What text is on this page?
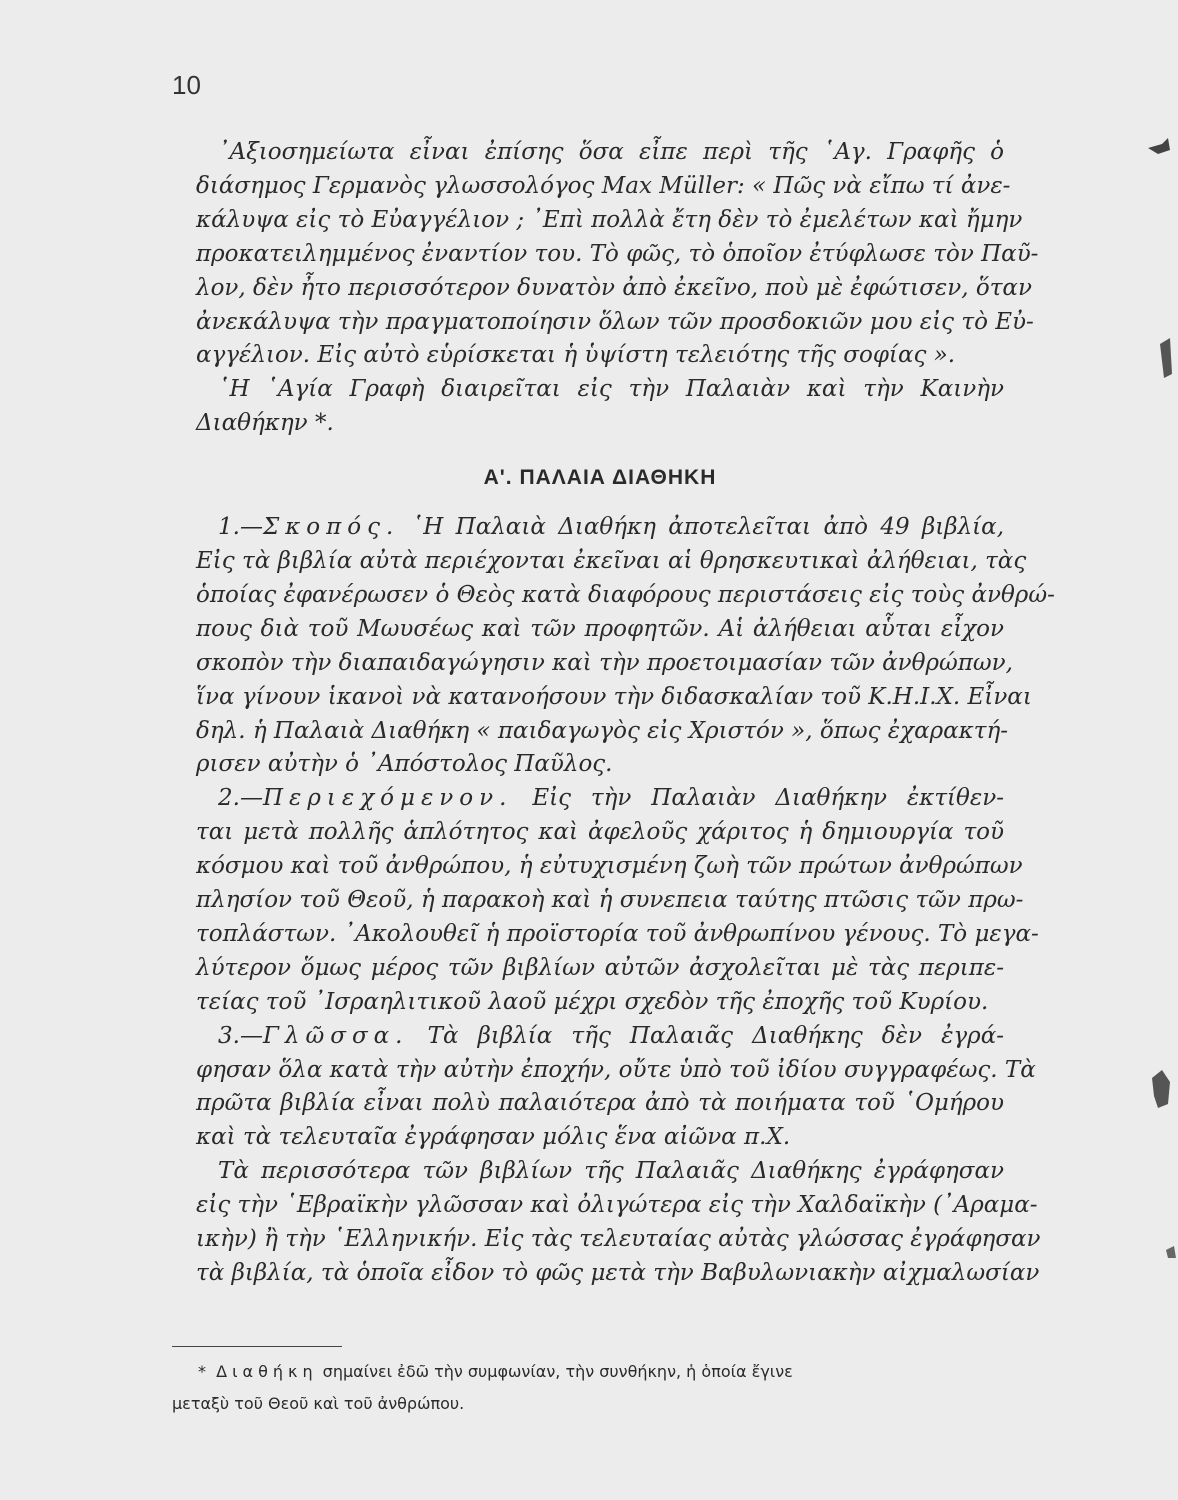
10
᾿Αξιοσημείωτα εἶναι ἐπίσης ὅσα εἶπε περὶ τῆς ῾Αγ. Γραφῆς ὁ
διάσημος Γερμανὸς γλωσσολόγος Max Müller: « Πῶς νὰ εἴπω τί ἀνε-
κάλυψα εἰς τὸ Εὐαγγέλιον ; ᾿Επὶ πολλὰ ἔτη δὲν τὸ ἐμελέτων καὶ ἤμην
προκατειλημμένος ἐναντίον του. Τὸ φῶς, τὸ ὁποῖον ἐτύφλωσε τὸν Παῦ-
λον, δὲν ἦτο περισσότερον δυνατὸν ἀπὸ ἐκεῖνο, ποὺ μὲ ἐφώτισεν, ὅταν
ἀνεκάλυψα τὴν πραγματοποίησιν ὅλων τῶν προσδοκιῶν μου εἰς τὸ Εὐ-
αγγέλιον. Εἰς αὐτὸ εὑρίσκεται ἡ ὑψίστη τελειότης τῆς σοφίας ».
῾Η ῾Αγία Γραφὴ διαιρεῖται εἰς τὴν Παλαιὰν καὶ τὴν Καινὴν
Διαθήκην *.
Α'. ΠΑΛΑΙΑ ΔΙΑΘΗΚΗ
1.—Σκοπός. ῾Η Παλαιὰ Διαθήκη ἀποτελεῖται ἀπὸ 49 βιβλία,
Εἰς τὰ βιβλία αὐτὰ περιέχονται ἐκεῖναι αἱ θρησκευτικαὶ ἀλήθειαι, τὰς
ὁποίας ἐφανέρωσεν ὁ Θεὸς κατὰ διαφόρους περιστάσεις εἰς τοὺς ἀνθρώ-
πους διὰ τοῦ Μωυσέως καὶ τῶν προφητῶν. Αἱ ἀλήθειαι αὗται εἶχον
σκοπὸν τὴν διαπαιδαγώγησιν καὶ τὴν προετοιμασίαν τῶν ἀνθρώπων,
ἵνα γίνουν ἱκανοὶ νὰ κατανοήσουν τὴν διδασκαλίαν τοῦ Κ.Η.Ι.Χ. Εἶναι
δηλ. ἡ Παλαιὰ Διαθήκη « παιδαγωγὸς εἰς Χριστόν », ὅπως ἐχαρακτή-
ρισεν αὐτὴν ὁ ᾿Απόστολος Παῦλος.
2.—Περιεχόμενον. Εἰς τὴν Παλαιὰν Διαθήκην ἐκτίθεν-
ται μετὰ πολλῆς ἁπλότητος καὶ ἀφελοῦς χάριτος ἡ δημιουργία τοῦ
κόσμου καὶ τοῦ ἀνθρώπου, ἡ εὐτυχισμένη ζωὴ τῶν πρώτων ἀνθρώπων
πλησίον τοῦ Θεοῦ, ἡ παρακοὴ καὶ ἡ συνεπεια ταύτης πτῶσις τῶν πρω-
τοπλάστων. ᾿Ακολουθεῖ ἡ προϊστορία τοῦ ἀνθρωπίνου γένους. Τὸ μεγα-
λύτερον ὅμως μέρος τῶν βιβλίων αὐτῶν ἀσχολεῖται μὲ τὰς περιπε-
τείας τοῦ ᾿Ισραηλιτικοῦ λαοῦ μέχρι σχεδὸν τῆς ἐποχῆς τοῦ Κυρίου.
3.—Γλῶσσα. Τὰ βιβλία τῆς Παλαιᾶς Διαθήκης δὲν ἐγρά-
φησαν ὅλα κατὰ τὴν αὐτὴν ἐποχήν, οὔτε ὑπὸ τοῦ ἰδίου συγγραφέως. Τὰ
πρῶτα βιβλία εἶναι πολὺ παλαιότερα ἀπὸ τὰ ποιήματα τοῦ ῾Ομήρου
καὶ τὰ τελευταῖα ἐγράφησαν μόλις ἕνα αἰῶνα π.Χ.
Τὰ περισσότερα τῶν βιβλίων τῆς Παλαιᾶς Διαθήκης ἐγράφησαν
εἰς τὴν ῾Εβραϊκὴν γλῶσσαν καὶ ὀλιγώτερα εἰς τὴν Χαλδαϊκὴν (᾿Αραμα-
ικὴν) ἢ τὴν ῾Ελληνικήν. Εἰς τὰς τελευταίας αὐτὰς γλώσσας ἐγράφησαν
τὰ βιβλία, τὰ ὁποῖα εἶδον τὸ φῶς μετὰ τὴν Βαβυλωνιακὴν αἰχμαλωσίαν
* Διαθήκη σημαίνει ἐδῶ τὴν συμφωνίαν, τὴν συνθήκην, ἡ ὁποία ἔγινε
μεταξὺ τοῦ Θεοῦ καὶ τοῦ ἀνθρώπου.
